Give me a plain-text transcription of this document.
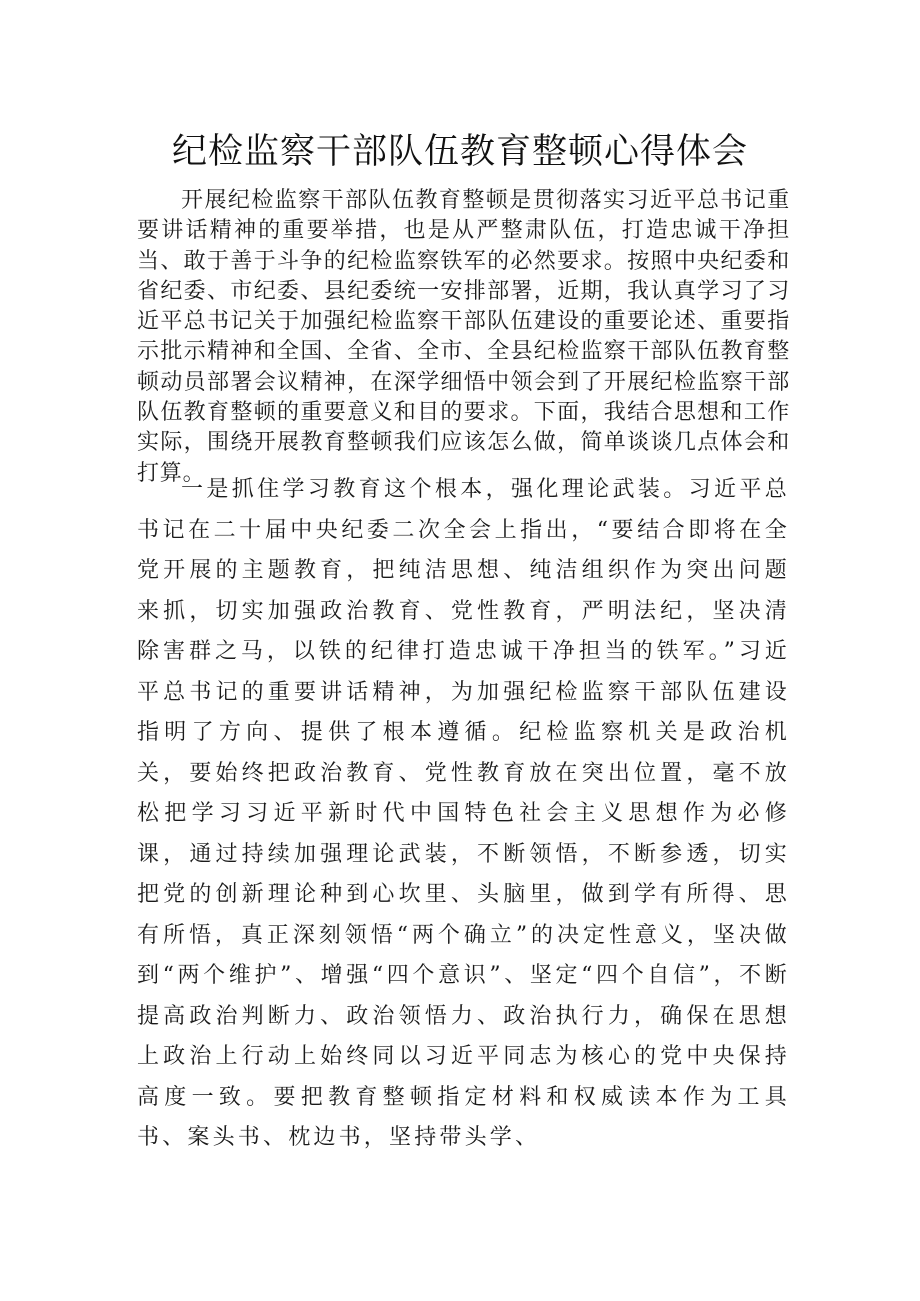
纪检监察干部队伍教育整顿心得体会

开展纪检监察干部队伍教育整顿是贯彻落实习近平总书记重要讲话精神的重要举措，也是从严整肃队伍，打造忠诚干净担当、敢于善于斗争的纪检监察铁军的必然要求。按照中央纪委和省纪委、市纪委、县纪委统一安排部署，近期，我认真学习了习近平总书记关于加强纪检监察干部队伍建设的重要论述、重要指示批示精神和全国、全省、全市、全县纪检监察干部队伍教育整顿动员部署会议精神，在深学细悟中领会到了开展纪检监察干部队伍教育整顿的重要意义和目的要求。下面，我结合思想和工作实际，围绕开展教育整顿我们应该怎么做，简单谈谈几点体会和打算。

一是抓住学习教育这个根本，强化理论武装。习近平总书记在二十届中央纪委二次全会上指出，“要结合即将在全党开展的主题教育，把纯洁思想、纯洁组织作为突出问题来抓，切实加强政治教育、党性教育，严明法纪，坚决清除害群之马，以铁的纪律打造忠诚干净担当的铁军。”习近平总书记的重要讲话精神，为加强纪检监察干部队伍建设指明了方向、提供了根本遵循。纪检监察机关是政治机关，要始终把政治教育、党性教育放在突出位置，毫不放松把学习习近平新时代中国特色社会主义思想作为必修课，通过持续加强理论武装，不断领悟，不断参透，切实把党的创新理论种到心坎里、头脑里，做到学有所得、思有所悟，真正深刻领悟“两个确立”的决定性意义，坚决做到“两个维护”、增强“四个意识”、坚定“四个自信”，不断提高政治判断力、政治领悟力、政治执行力，确保在思想上政治上行动上始终同以习近平同志为核心的党中央保持高度一致。要把教育整顿指定材料和权威读本作为工具书、案头书、枕边书，坚持带头学、
